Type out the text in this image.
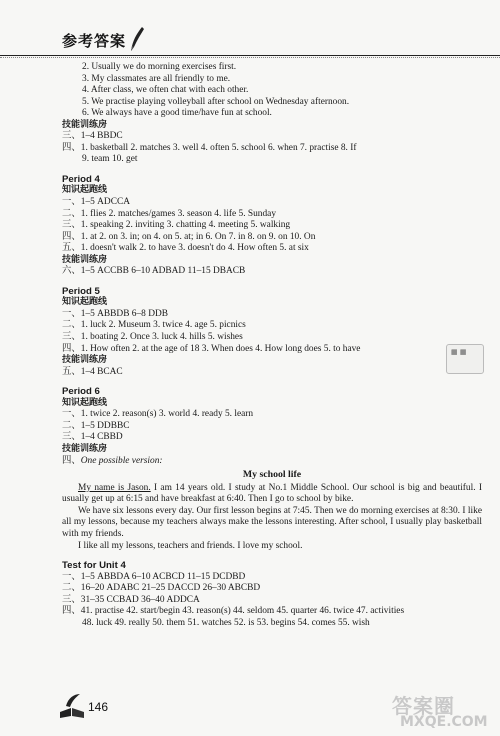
参考答案
▦ ▦
2. Usually we do morning exercises first.
3. My classmates are all friendly to me.
4. After class, we often chat with each other.
5. We practise playing volleyball after school on Wednesday afternoon.
6. We always have a good time/have fun at school.
技能训练房
三、1–4 BBDC
四、1. basketball 2. matches 3. well 4. often 5. school 6. when 7. practise 8. If
9. team 10. get
Period 4
知识起跑线
一、1–5 ADCCA
二、1. flies 2. matches/games 3. season 4. life 5. Sunday
三、1. speaking 2. inviting 3. chatting 4. meeting 5. walking
四、1. at 2. on 3. in; on 4. on 5. at; in 6. On 7. in 8. on 9. on 10. On
五、1. doesn't walk 2. to have 3. doesn't do 4. How often 5. at six
技能训练房
六、1–5 ACCBB 6–10 ADBAD 11–15 DBACB
Period 5
知识起跑线
一、1–5 ABBDB 6–8 DDB
二、1. luck 2. Museum 3. twice 4. age 5. picnics
三、1. boating 2. Once 3. luck 4. hills 5. wishes
四、1. How often 2. at the age of 18 3. When does 4. How long does 5. to have
技能训练房
五、1–4 BCAC
Period 6
知识起跑线
一、1. twice 2. reason(s) 3. world 4. ready 5. learn
二、1–5 DDBBC
三、1–4 CBBD
技能训练房
四、One possible version:
My school life
My name is Jason. I am 14 years old. I study at No.1 Middle School. Our school is big and beautiful. I usually get up at 6:15 and have breakfast at 6:40. Then I go to school by bike.
We have six lessons every day. Our first lesson begins at 7:45. Then we do morning exercises at 8:30. I like all my lessons, because my teachers always make the lessons interesting. After school, I usually play basketball with my friends.
I like all my lessons, teachers and friends. I love my school.
Test for Unit 4
一、1–5 ABBDA 6–10 ACBCD 11–15 DCDBD
二、16–20 ADABC 21–25 DACCD 26–30 ABCBD
三、31–35 CCBAD 36–40 ADDCA
四、41. practise 42. start/begin 43. reason(s) 44. seldom 45. quarter 46. twice 47. activities
48. luck 49. really 50. them 51. watches 52. is 53. begins 54. comes 55. wish
146	答案圈
MXQE.COM
